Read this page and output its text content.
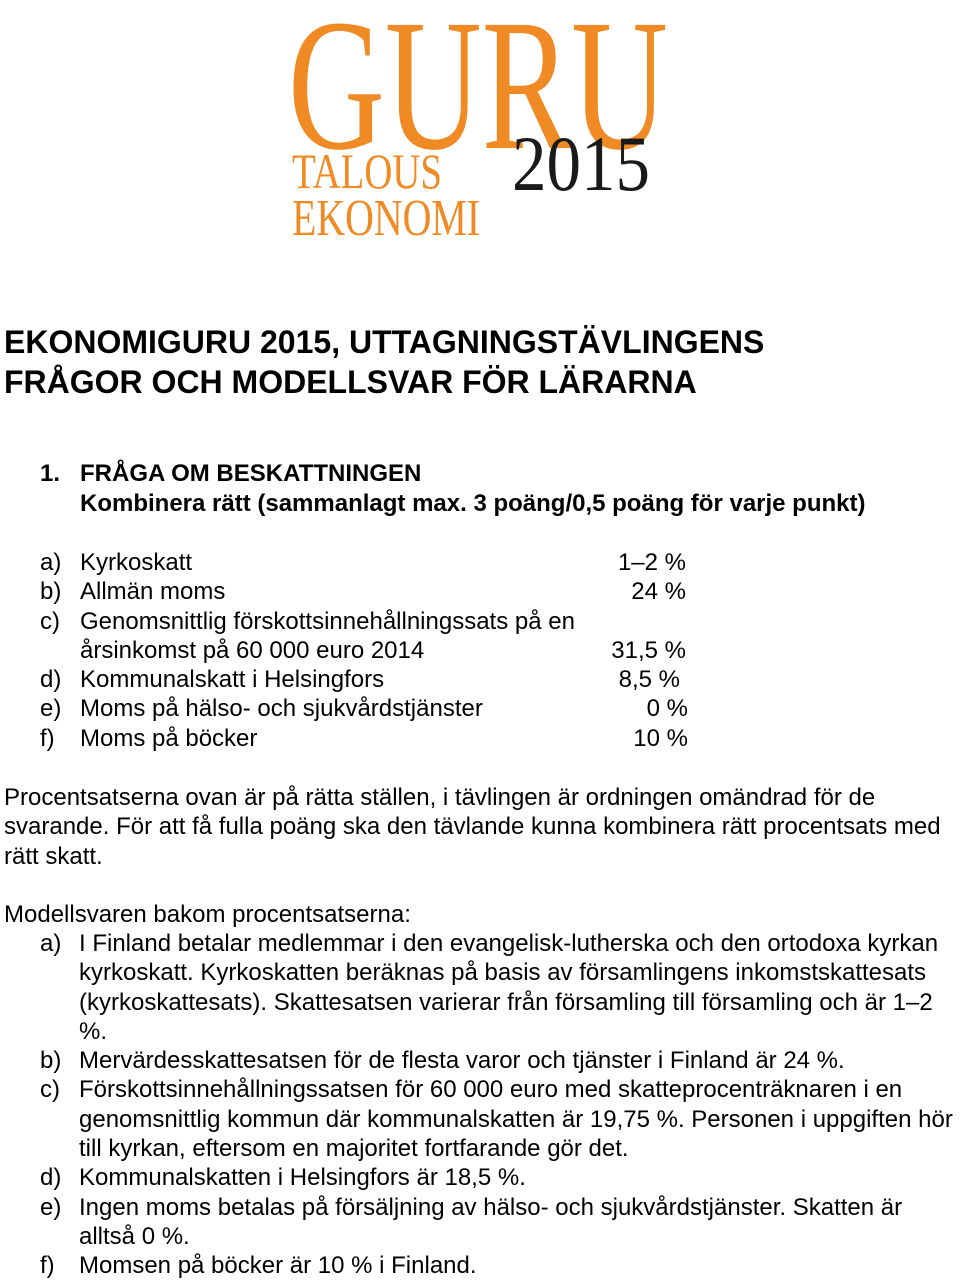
GURU
TALOUS
EKONOMI
2015
EKONOMIGURU 2015, UTTAGNINGSTÄVLINGENS
FRÅGOR OCH MODELLSVAR FÖR LÄRARNA
1. FRÅGA OM BESKATTNINGEN
Kombinera rätt (sammanlagt max. 3 poäng/0,5 poäng för varje punkt)
a) Kyrkoskatt	1–2 %
b) Allmän moms	24 %
c) Genomsnittlig förskottsinnehållningssats på en
årsinkomst på 60 000 euro 2014	31,5 %
d) Kommunalskatt i Helsingfors	8,5 %
e) Moms på hälso- och sjukvårdstjänster	0 %
f) Moms på böcker	10 %
Procentsatserna ovan är på rätta ställen, i tävlingen är ordningen omändrad för de svarande. För att få fulla poäng ska den tävlande kunna kombinera rätt procentsats med rätt skatt.
Modellsvaren bakom procentsatserna:
a) I Finland betalar medlemmar i den evangelisk-lutherska och den ortodoxa kyrkan kyrkoskatt. Kyrkoskatten beräknas på basis av församlingens inkomstskattesats (kyrkoskattesats). Skattesatsen varierar från församling till församling och är 1–2 %.
b) Mervärdesskattesatsen för de flesta varor och tjänster i Finland är 24 %.
c) Förskottsinnehållningssatsen för 60 000 euro med skatteprocenträknaren i en genomsnittlig kommun där kommunalskatten är 19,75 %. Personen i uppgiften hör till kyrkan, eftersom en majoritet fortfarande gör det.
d) Kommunalskatten i Helsingfors är 18,5 %.
e) Ingen moms betalas på försäljning av hälso- och sjukvårdstjänster. Skatten är alltså 0 %.
f) Momsen på böcker är 10 % i Finland.
